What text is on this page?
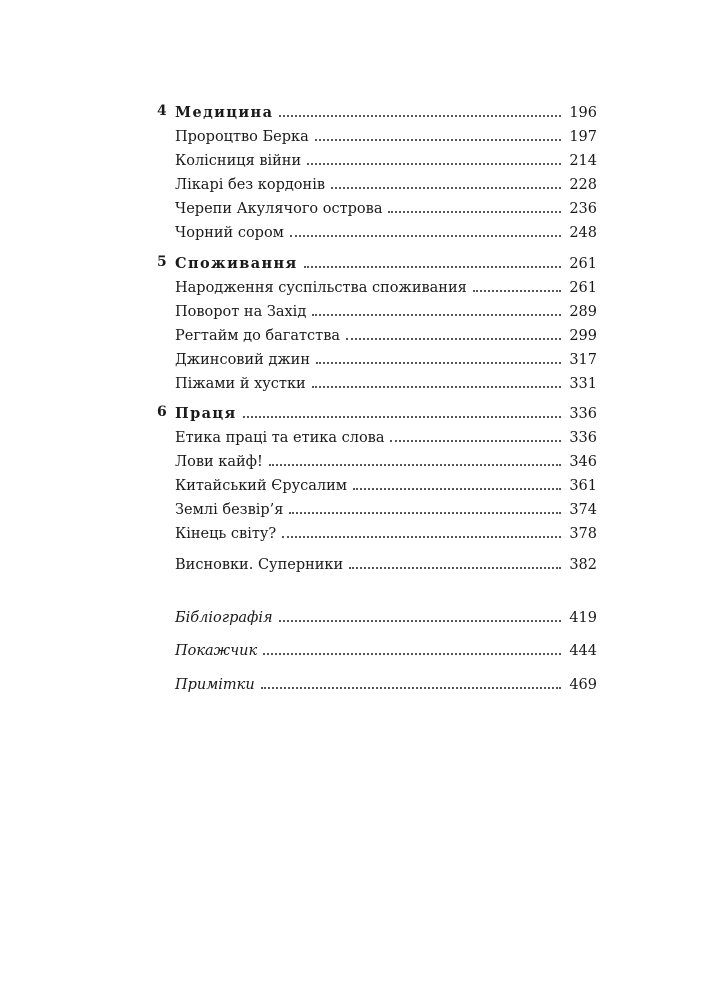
4 Медицина	196
Пророцтво Берка	197
Колісниця війни	214
Лікарі без кордонів	228
Черепи Акулячого острова	236
Чорний сором	248
5 Споживання	261
Народження суспільства споживания	261
Поворот на Захід	289
Регтайм до багатства	299
Джинсовий джин	317
Піжами й хустки	331
6 Праця	336
Етика праці та етика слова	336
Лови кайф!	346
Китайський Єрусалим	361
Землі безвір’я	374
Кінець світу?	378
Висновки. Суперники	382
Бібліографія	419
Покажчик	444
Примітки	469
